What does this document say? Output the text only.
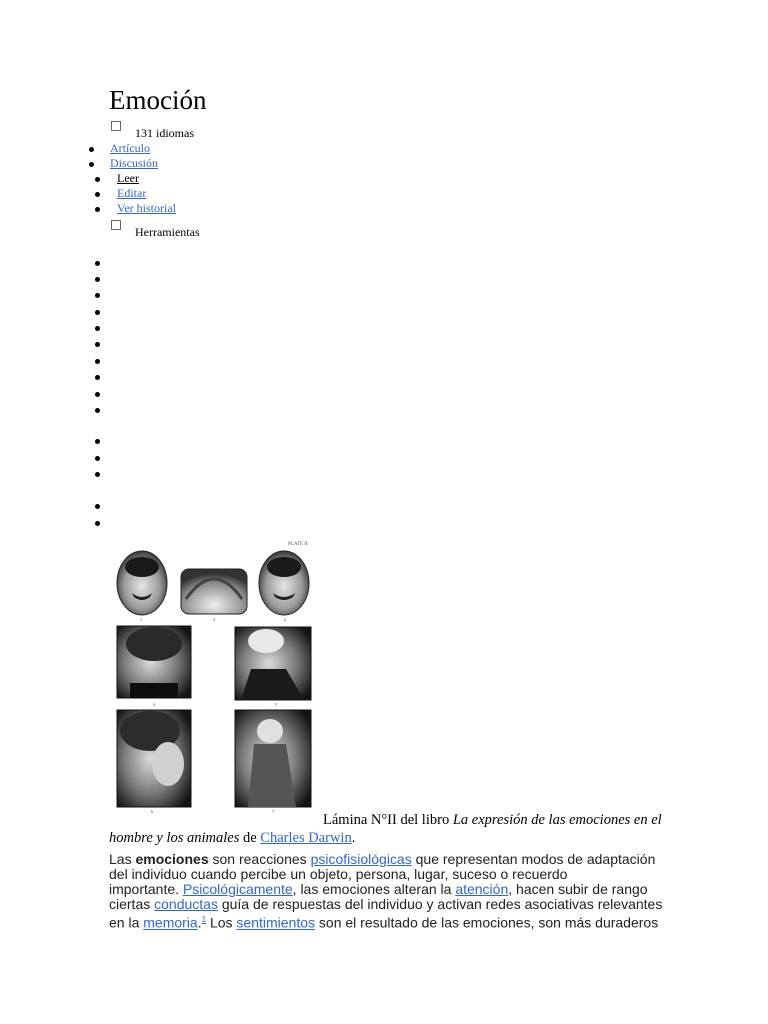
Emoción
131 idiomas
Artículo
Discusión
Leer
Editar
Ver historial
Herramientas
PLATE II
1	3	2
4	5
6	7
Lámina N°II del libro La expresión de las emociones en el hombre y los animales de Charles Darwin.
Las emociones son reacciones psicofisiológicas que representan modos de adaptación
del individuo cuando percibe un objeto, persona, lugar, suceso o recuerdo
importante. Psicológicamente, las emociones alteran la atención, hacen subir de rango
ciertas conductas guía de respuestas del individuo y activan redes asociativas relevantes
en la memoria.$^1$ Los sentimientos son el resultado de las emociones, son más duraderos
